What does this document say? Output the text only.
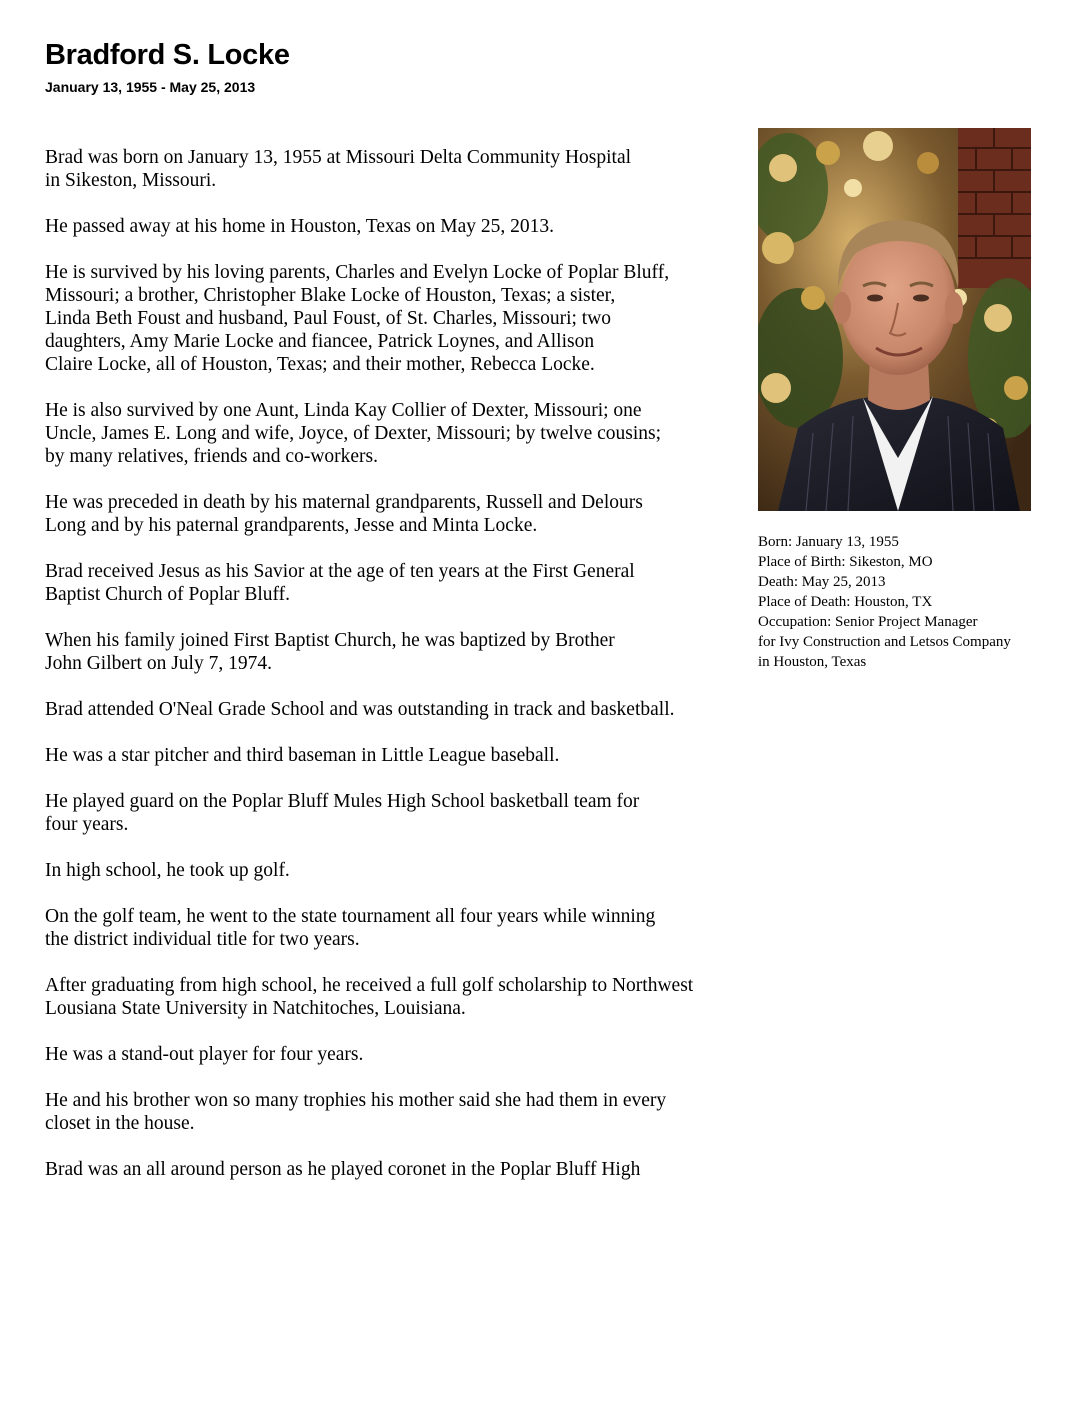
Bradford S. Locke
January 13, 1955 - May 25, 2013

Brad was born on January 13, 1955 at Missouri Delta Community Hospital
in Sikeston, Missouri.

He passed away at his home in Houston, Texas on May 25, 2013.

He is survived by his loving parents, Charles and Evelyn Locke of Poplar Bluff,
Missouri; a brother, Christopher Blake Locke of Houston, Texas; a sister,
Linda Beth Foust and husband, Paul Foust, of St. Charles, Missouri; two
daughters, Amy Marie Locke and fiancee, Patrick Loynes, and Allison
Claire Locke, all of Houston, Texas; and their mother, Rebecca Locke.

He is also survived by one Aunt, Linda Kay Collier of Dexter, Missouri; one
Uncle, James E. Long and wife, Joyce, of Dexter, Missouri; by twelve cousins;
by many relatives, friends and co-workers.

He was preceded in death by his maternal grandparents, Russell and Delours
Long and by his paternal grandparents, Jesse and Minta Locke.

Brad received Jesus as his Savior at the age of ten years at the First General
Baptist Church of Poplar Bluff.

When his family joined First Baptist Church, he was baptized by Brother
John Gilbert on July 7, 1974.

Brad attended O'Neal Grade School and was outstanding in track and basketball.

He was a star pitcher and third baseman in Little League baseball.

He played guard on the Poplar Bluff Mules High School basketball team for
four years.

In high school, he took up golf.

On the golf team, he went to the state tournament all four years while winning
the district individual title for two years.

After graduating from high school, he received a full golf scholarship to Northwest
Lousiana State University in Natchitoches, Louisiana.

He was a stand-out player for four years.

He and his brother won so many trophies his mother said she had them in every
closet in the house.

Brad was an all around person as he played coronet in the Poplar Bluff High

Born: January 13, 1955
Place of Birth: Sikeston, MO
Death: May 25, 2013
Place of Death: Houston, TX
Occupation: Senior Project Manager
for Ivy Construction and Letsos Company
in Houston, Texas
